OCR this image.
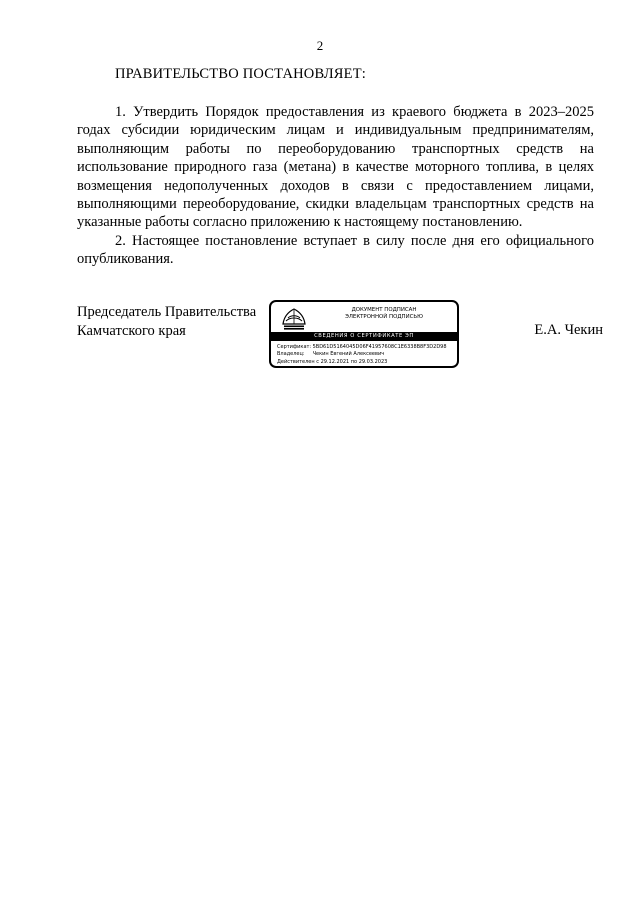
2
ПРАВИТЕЛЬСТВО ПОСТАНОВЛЯЕТ:

1. Утвердить Порядок предоставления из краевого бюджета в 2023–2025 годах субсидии юридическим лицам и индивидуальным предпринимателям, выполняющим работы по переоборудованию транспортных средств на использование природного газа (метана) в качестве моторного топлива, в целях возмещения недополученных доходов в связи с предоставлением лицами, выполняющими переоборудование, скидки владельцам транспортных средств на указанные работы согласно приложению к настоящему постановлению.

2. Настоящее постановление вступает в силу после дня его официального опубликования.

Председатель Правительства
Камчатского края
ДОКУМЕНТ ПОДПИСАН
ЭЛЕКТРОННОЙ ПОДПИСЬЮ
СВЕДЕНИЯ О СЕРТИФИКАТЕ ЭП
Сертификат: 5BD61D5164045D06F41957608C1E6338B8F3D2D98
Владелец: Чекин Евгений Алексеевич
Действителен с 29.12.2021 по 29.03.2023
Е.А. Чекин
